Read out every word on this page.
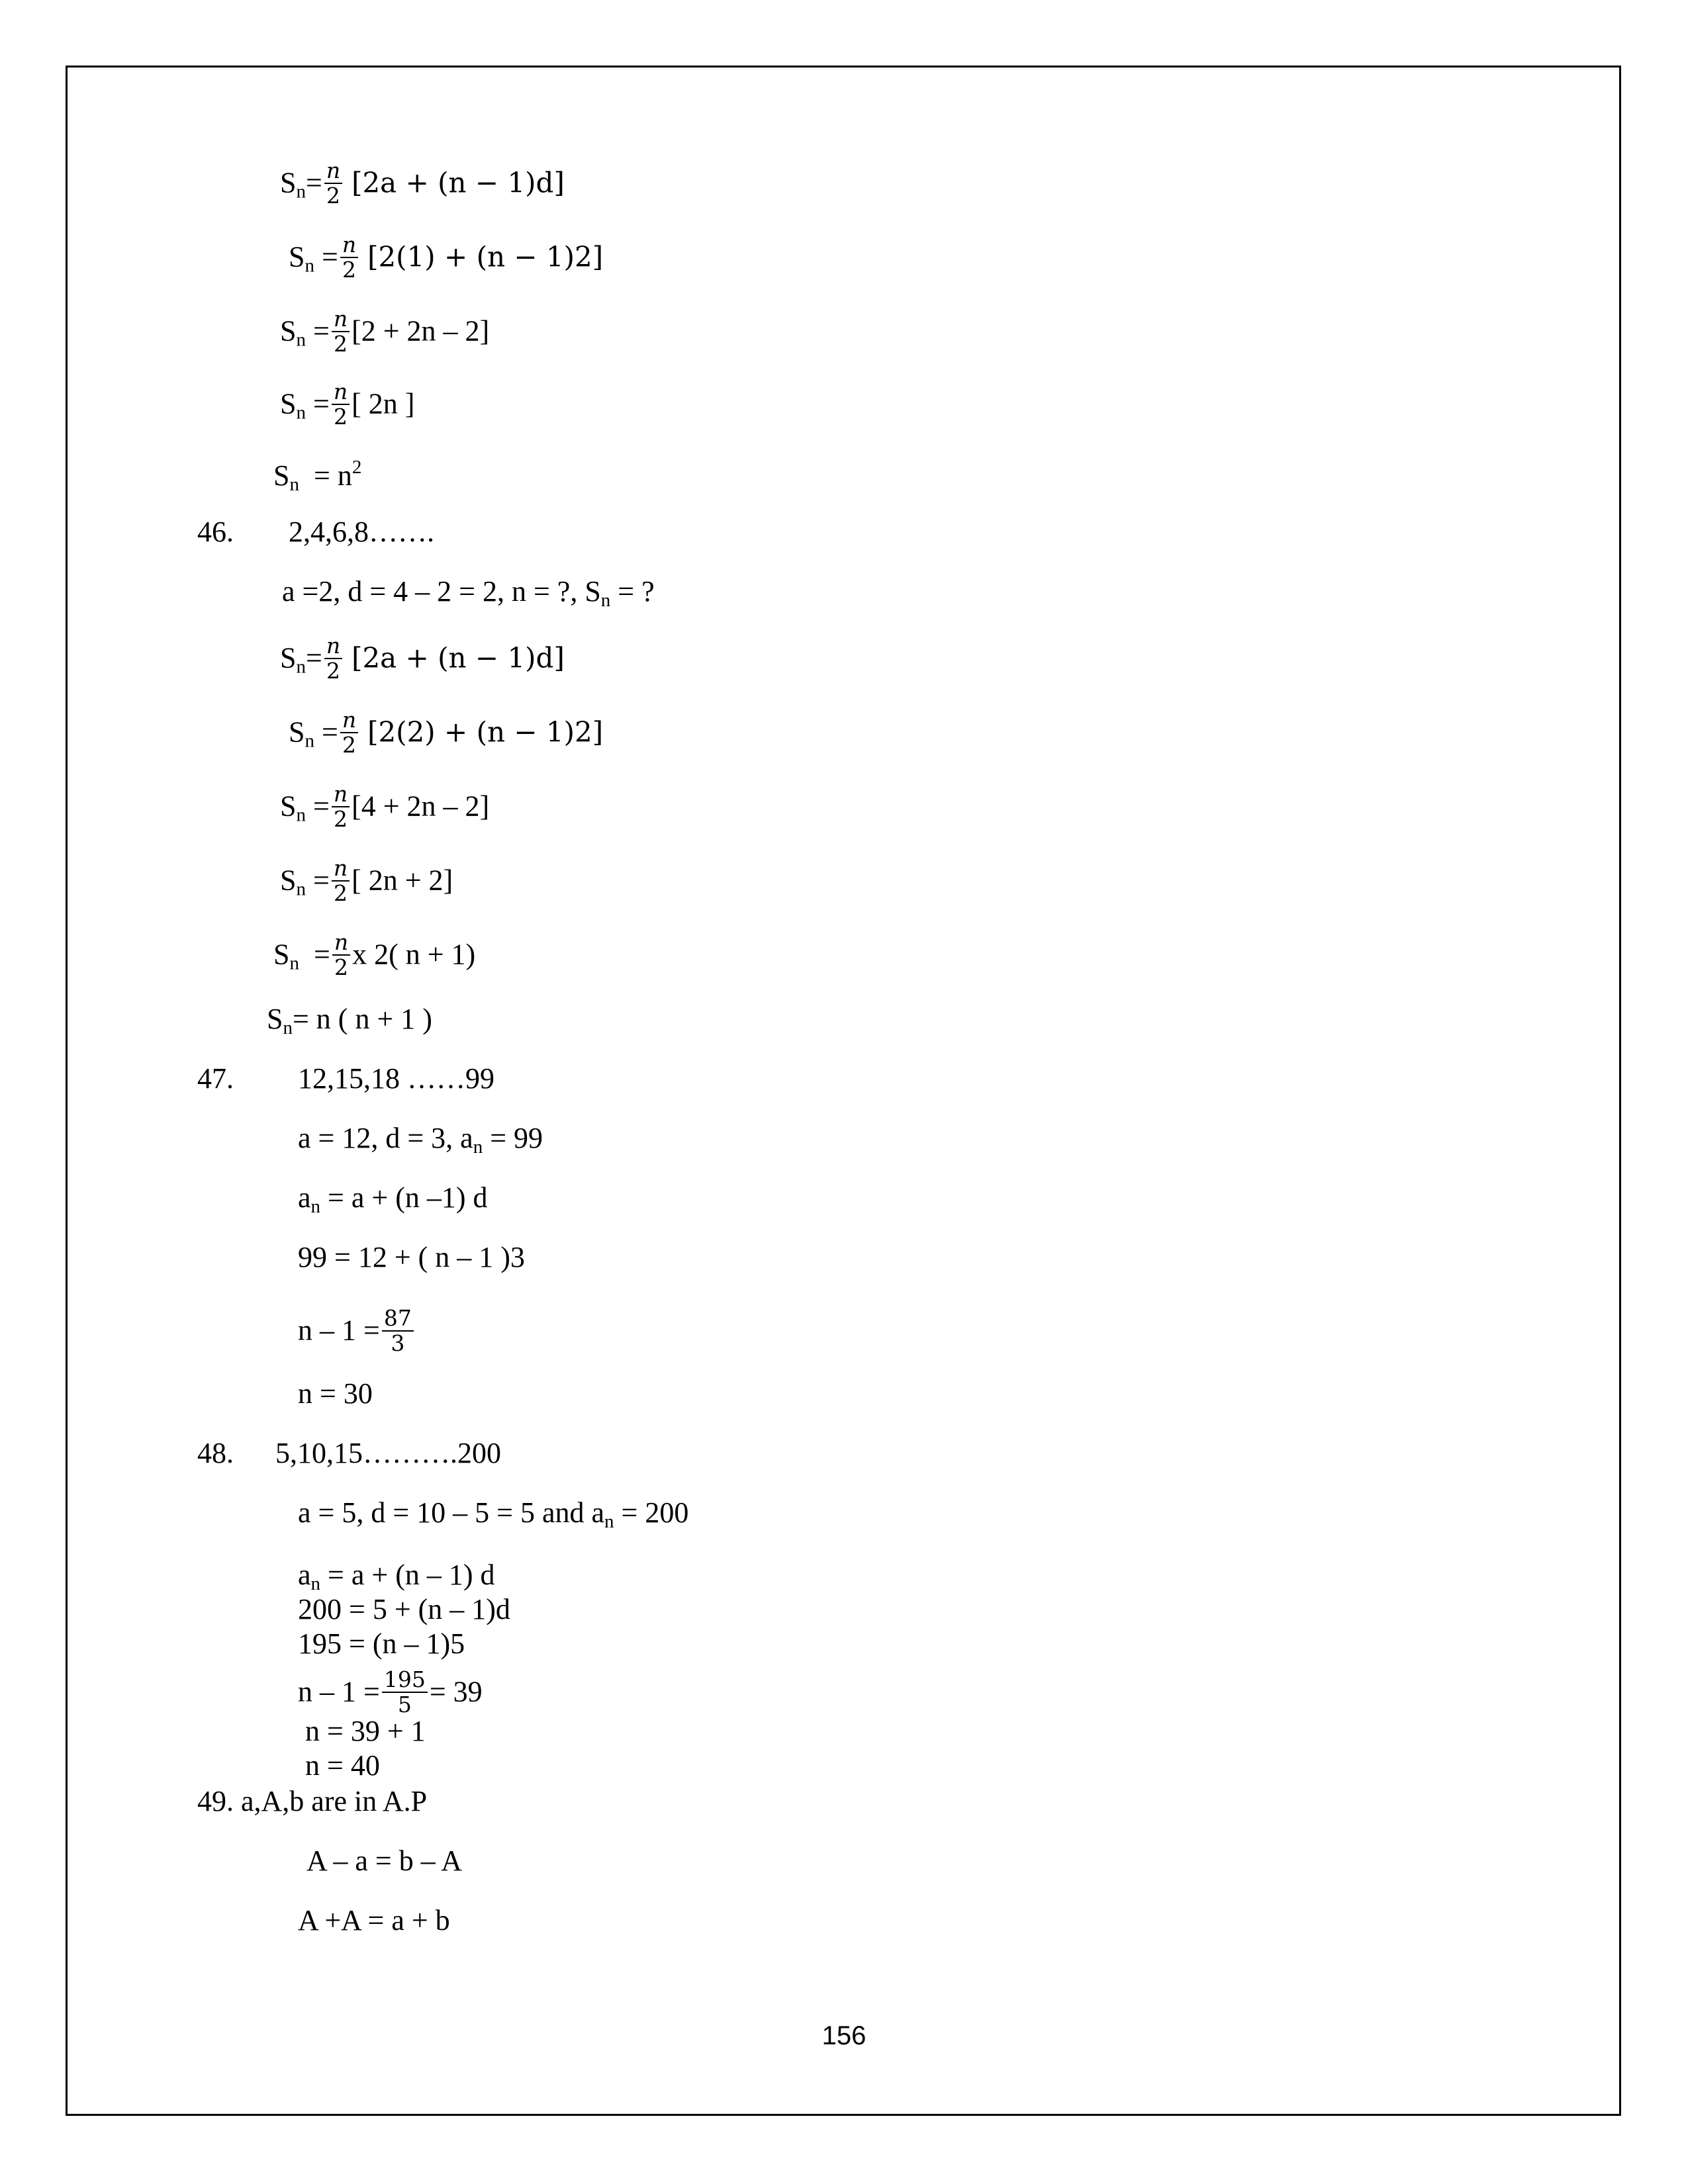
$S_n= \frac{n}{2} [2a + (n - 1)d]$
$S_n = \frac{n}{2} [2(1) + (n - 1)2]$
$S_n = \frac{n}{2} [2 + 2n - 2]$
$S_n = \frac{n}{2}$ [ 2n ]
$S_n = n^2$
46. 2,4,6,8…….
a =2, d = 4 – 2 = 2, n = ?, $S_n$ = ?
$S_n= \frac{n}{2} [2a + (n - 1)d]$
$S_n = \frac{n}{2} [2(2) + (n - 1)2]$
$S_n = \frac{n}{2} [4 + 2n - 2]$
$S_n = \frac{n}{2}$ [ 2n + 2]
$S_n = \frac{n}{2}$ x 2( n + 1)
$S_n= n$ ( n + 1 )
47. 12,15,18 ……99
a = 12, d = 3, $a_n = 99$
$a_n = a + (n$ –1) d
99 = 12 + ( n – 1 )3
$n - 1 = \frac{87}{3}$
n = 30
48. 5,10,15……….200
a = 5, d = 10 – 5 = 5 and $a_n = 200$
$a_n = a + (n - 1)$ d
200 = 5 + (n – 1)d
195 = (n – 1)5
$n - 1 = \frac{195}{5} = 39$
n = 39 + 1
n = 40
49. a,A,b are in A.P
A – a = b – A
A +A = a + b
156
